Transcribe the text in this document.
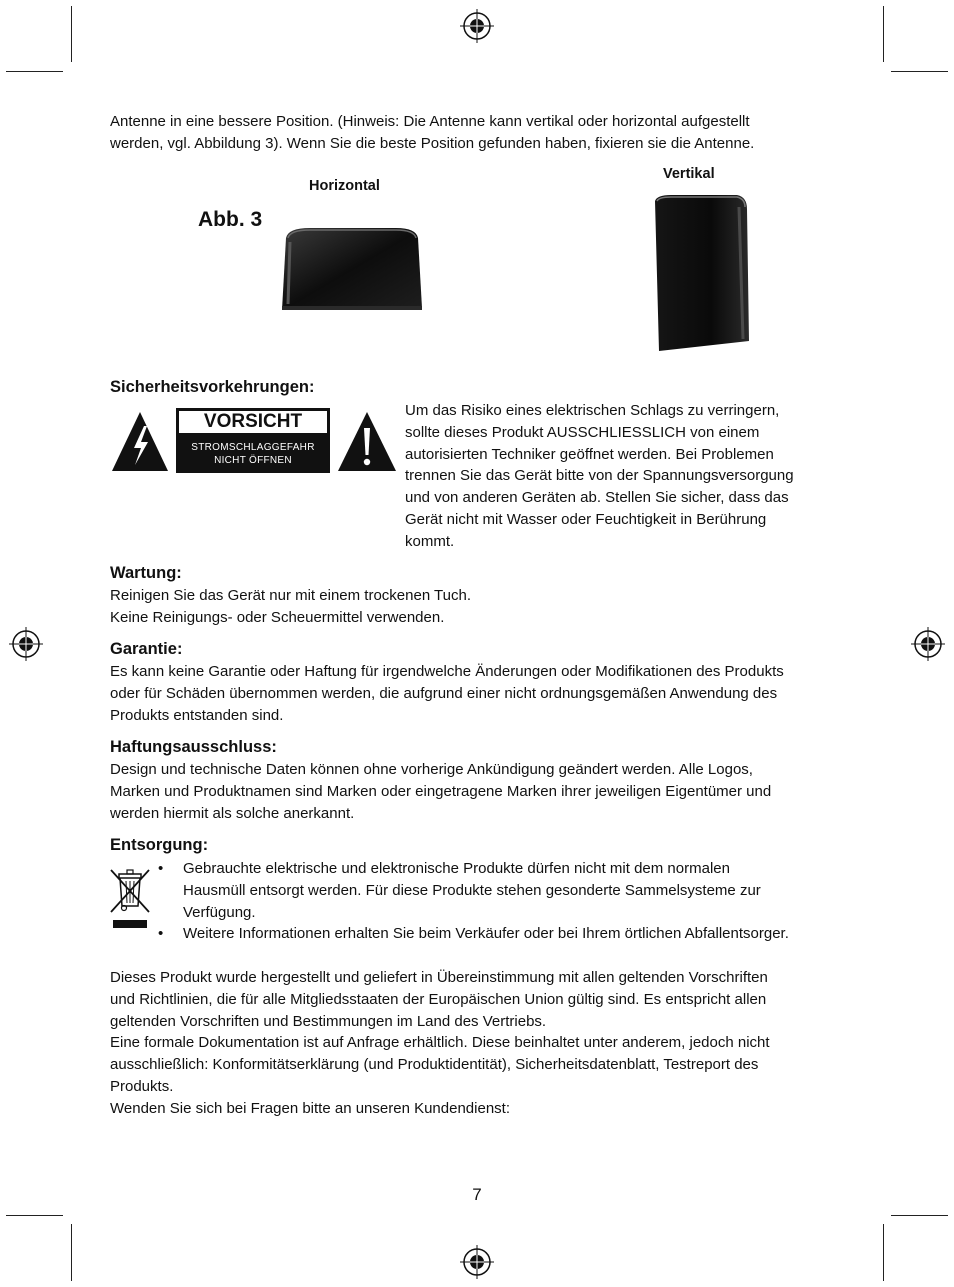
Antenne in eine bessere Position. (Hinweis: Die Antenne kann vertikal oder horizontal aufgestellt
werden, vgl. Abbildung 3). Wenn Sie die beste Position gefunden haben, fixieren sie die Antenne.
Abb. 3
Horizontal
Vertikal
Sicherheitsvorkehrungen:
VORSICHT
STROMSCHLAGGEFAHR
NICHT ÖFFNEN
Um das Risiko eines elektrischen Schlags zu verringern,
sollte dieses Produkt AUSSCHLIESSLICH von einem
autorisierten Techniker geöffnet werden. Bei Problemen
trennen Sie das Gerät bitte von der Spannungsversorgung
und von anderen Geräten ab. Stellen Sie sicher, dass das
Gerät nicht mit Wasser oder Feuchtigkeit in Berührung
kommt.
Wartung:
Reinigen Sie das Gerät nur mit einem trockenen Tuch.
Keine Reinigungs- oder Scheuermittel verwenden.
Garantie:
Es kann keine Garantie oder Haftung für irgendwelche Änderungen oder Modifikationen des Produkts
oder für Schäden übernommen werden, die aufgrund einer nicht ordnungsgemäßen Anwendung des
Produkts entstanden sind.
Haftungsausschluss:
Design und technische Daten können ohne vorherige Ankündigung geändert werden. Alle Logos,
Marken und Produktnamen sind Marken oder eingetragene Marken ihrer jeweiligen Eigentümer und
werden hiermit als solche anerkannt.
Entsorgung:
• Gebrauchte elektrische und elektronische Produkte dürfen nicht mit dem normalen
Hausmüll entsorgt werden. Für diese Produkte stehen gesonderte Sammelsysteme zur
Verfügung.
• Weitere Informationen erhalten Sie beim Verkäufer oder bei Ihrem örtlichen Abfallentsorger.
Dieses Produkt wurde hergestellt und geliefert in Übereinstimmung mit allen geltenden Vorschriften
und Richtlinien, die für alle Mitgliedsstaaten der Europäischen Union gültig sind. Es entspricht allen
geltenden Vorschriften und Bestimmungen im Land des Vertriebs.
Eine formale Dokumentation ist auf Anfrage erhältlich. Diese beinhaltet unter anderem, jedoch nicht
ausschließlich: Konformitätserklärung (und Produktidentität), Sicherheitsdatenblatt, Testreport des
Produkts.
Wenden Sie sich bei Fragen bitte an unseren Kundendienst:
7
